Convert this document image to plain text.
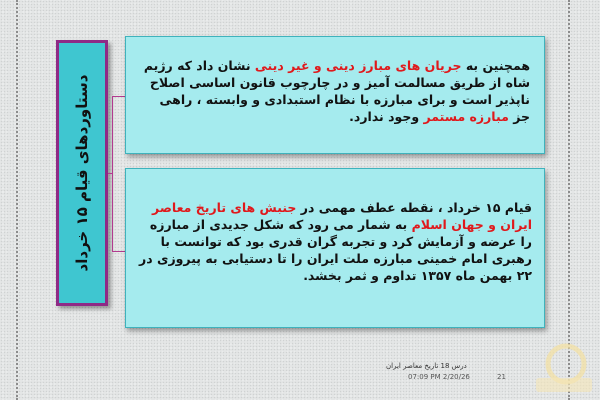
دستاوردهای قیام ۱۵ خرداد
همچنین به جریان های مبارز دینی و غیر دینی نشان داد که رژیم شاه از طریق مسالمت آمیز و در چارچوب قانون اساسی اصلاح ناپذیر است و برای مبارزه با نظام استبدادی و وابسته ، راهی جز مبارزه مستمر وجود ندارد.
قیام ۱۵ خرداد ، نقطه عطف مهمی در جنبش های تاریخ معاصر ایران و جهان اسلام به شمار می رود که شکل جدیدی از مبارزه را عرضه و آزمایش کرد و تجربه گران قدری بود که توانست با رهبری امام خمینی مبارزه ملت ایران را تا دستیابی به پیروزی در ۲۲ بهمن ماه ۱۳۵۷ تداوم و ثمر بخشد.
درس 18 تاریخ معاصر ایران
07:09 PM 2/20/26	21
